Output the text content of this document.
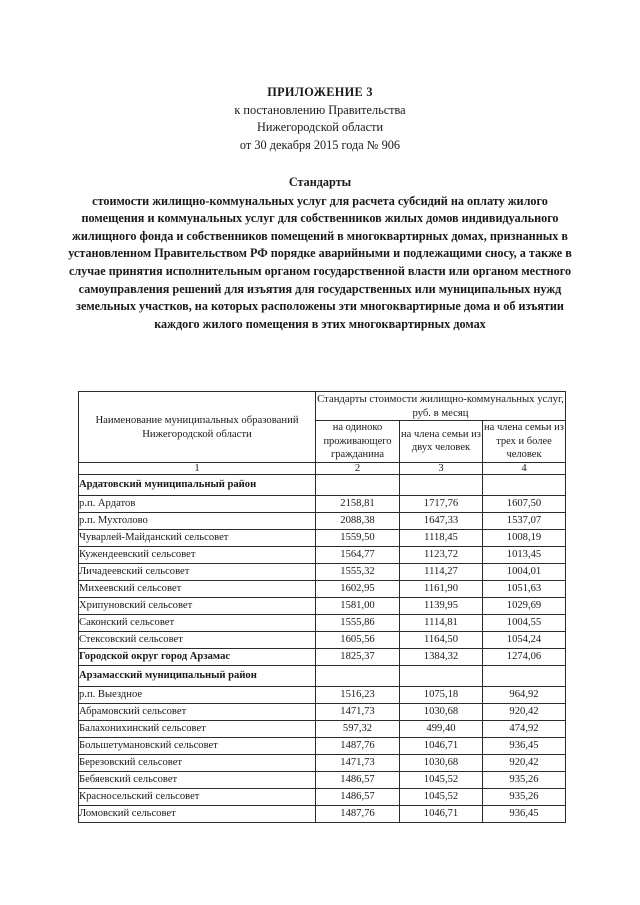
ПРИЛОЖЕНИЕ 3
к постановлению Правительства
Нижегородской области
от 30 декабря 2015 года № 906
Стандарты
стоимости жилищно-коммунальных услуг для расчета субсидий на оплату жилого помещения и коммунальных услуг для собственников жилых домов индивидуального жилищного фонда и собственников помещений в многоквартирных домах, признанных в установленном Правительством РФ порядке аварийными и подлежащими сносу, а также в случае принятия исполнительным органом государственной власти или органом местного самоуправления решений для изъятия для государственных или муниципальных нужд земельных участков, на которых расположены эти многоквартирные дома и об изъятии каждого жилого помещения в этих многоквартирных домах
Наименование муниципальных образований Нижегородской области	Стандарты стоимости жилищно-коммунальных услуг, руб. в месяц		
	на одиноко проживающего гражданина	на члена семьи из двух человек	на члена семьи из трех и более человек
1	2	3	4
Ардатовский муниципальный район			
р.п. Ардатов	2158,81	1717,76	1607,50
р.п. Мухтолово	2088,38	1647,33	1537,07
Чуварлей-Майданский сельсовет	1559,50	1118,45	1008,19
Кужендеевский сельсовет	1564,77	1123,72	1013,45
Личадеевский сельсовет	1555,32	1114,27	1004,01
Михеевский сельсовет	1602,95	1161,90	1051,63
Хрипуновский сельсовет	1581,00	1139,95	1029,69
Саконский сельсовет	1555,86	1114,81	1004,55
Стексовский сельсовет	1605,56	1164,50	1054,24
Городской округ город Арзамас	1825,37	1384,32	1274,06
Арзамасский муниципальный район			
р.п. Выездное	1516,23	1075,18	964,92
Абрамовский сельсовет	1471,73	1030,68	920,42
Балахонихинский сельсовет	597,32	499,40	474,92
Большетумановский сельсовет	1487,76	1046,71	936,45
Березовский сельсовет	1471,73	1030,68	920,42
Бебяевский сельсовет	1486,57	1045,52	935,26
Красносельский сельсовет	1486,57	1045,52	935,26
Ломовский сельсовет	1487,76	1046,71	936,45
